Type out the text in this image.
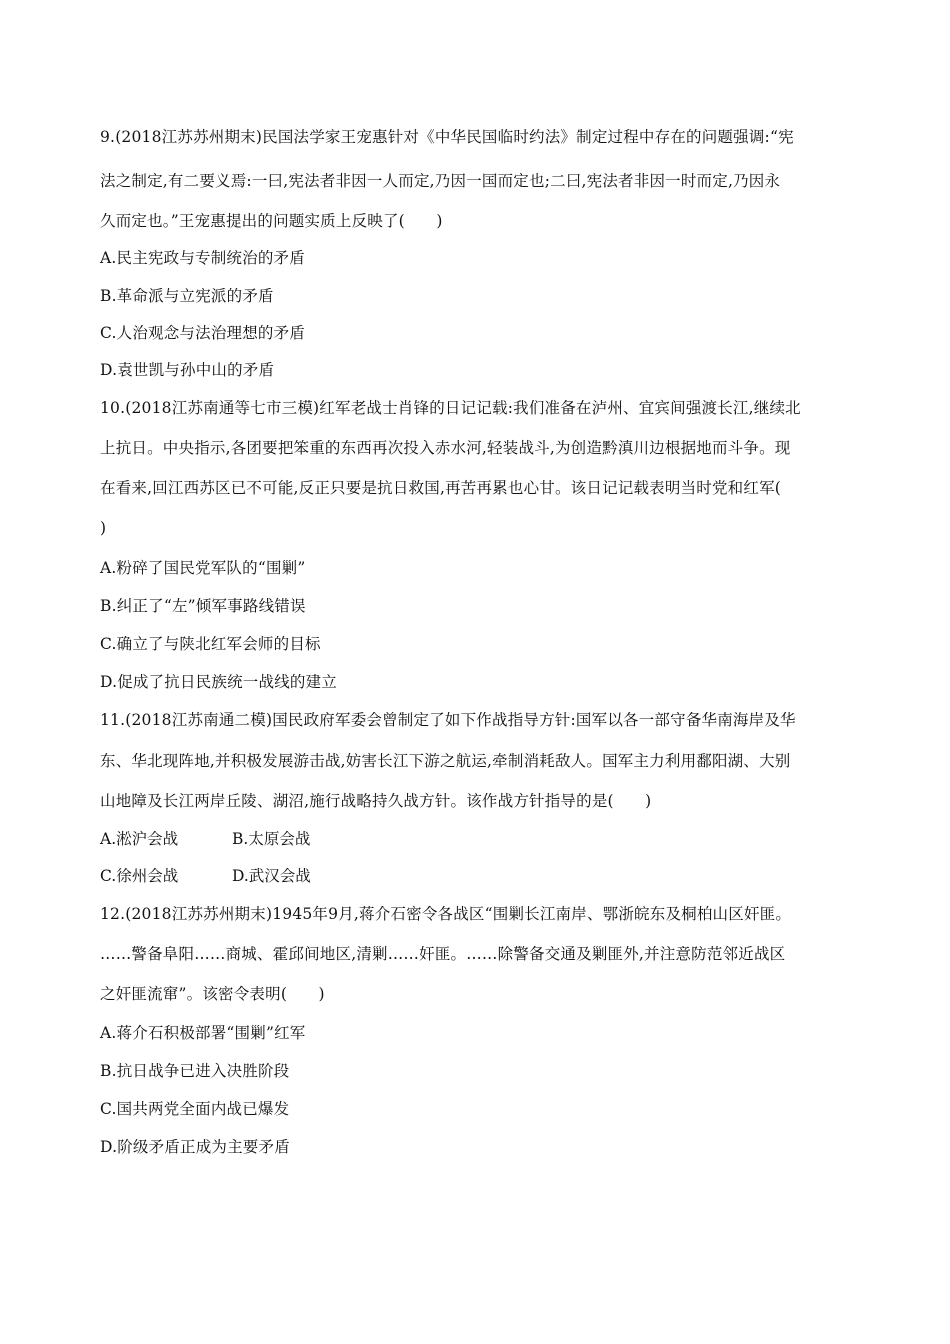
9.(2018江苏苏州期末)民国法学家王宠惠针对《中华民国临时约法》制定过程中存在的问题强调:“宪
法之制定,有二要义焉:一曰,宪法者非因一人而定,乃因一国而定也;二曰,宪法者非因一时而定,乃因永
久而定也。”王宠惠提出的问题实质上反映了(　　)
A.民主宪政与专制统治的矛盾
B.革命派与立宪派的矛盾
C.人治观念与法治理想的矛盾
D.袁世凯与孙中山的矛盾
10.(2018江苏南通等七市三模)红军老战士肖锋的日记记载:我们准备在泸州、宜宾间强渡长江,继续北
上抗日。中央指示,各团要把笨重的东西再次投入赤水河,轻装战斗,为创造黔滇川边根据地而斗争。现
在看来,回江西苏区已不可能,反正只要是抗日救国,再苦再累也心甘。该日记记载表明当时党和红军(
)
A.粉碎了国民党军队的“围剿”
B.纠正了“左”倾军事路线错误
C.确立了与陕北红军会师的目标
D.促成了抗日民族统一战线的建立
11.(2018江苏南通二模)国民政府军委会曾制定了如下作战指导方针:国军以各一部守备华南海岸及华
东、华北现阵地,并积极发展游击战,妨害长江下游之航运,牵制消耗敌人。国军主力利用鄱阳湖、大别
山地障及长江两岸丘陵、湖沼,施行战略持久战方针。该作战方针指导的是(　　)
A.淞沪会战	B.太原会战
C.徐州会战	D.武汉会战
12.(2018江苏苏州期末)1945年9月,蒋介石密令各战区“围剿长江南岸、鄂浙皖东及桐柏山区奸匪。
……警备阜阳……商城、霍邱间地区,清剿……奸匪。……除警备交通及剿匪外,并注意防范邻近战区
之奸匪流窜”。该密令表明(　　)
A.蒋介石积极部署“围剿”红军
B.抗日战争已进入决胜阶段
C.国共两党全面内战已爆发
D.阶级矛盾正成为主要矛盾
